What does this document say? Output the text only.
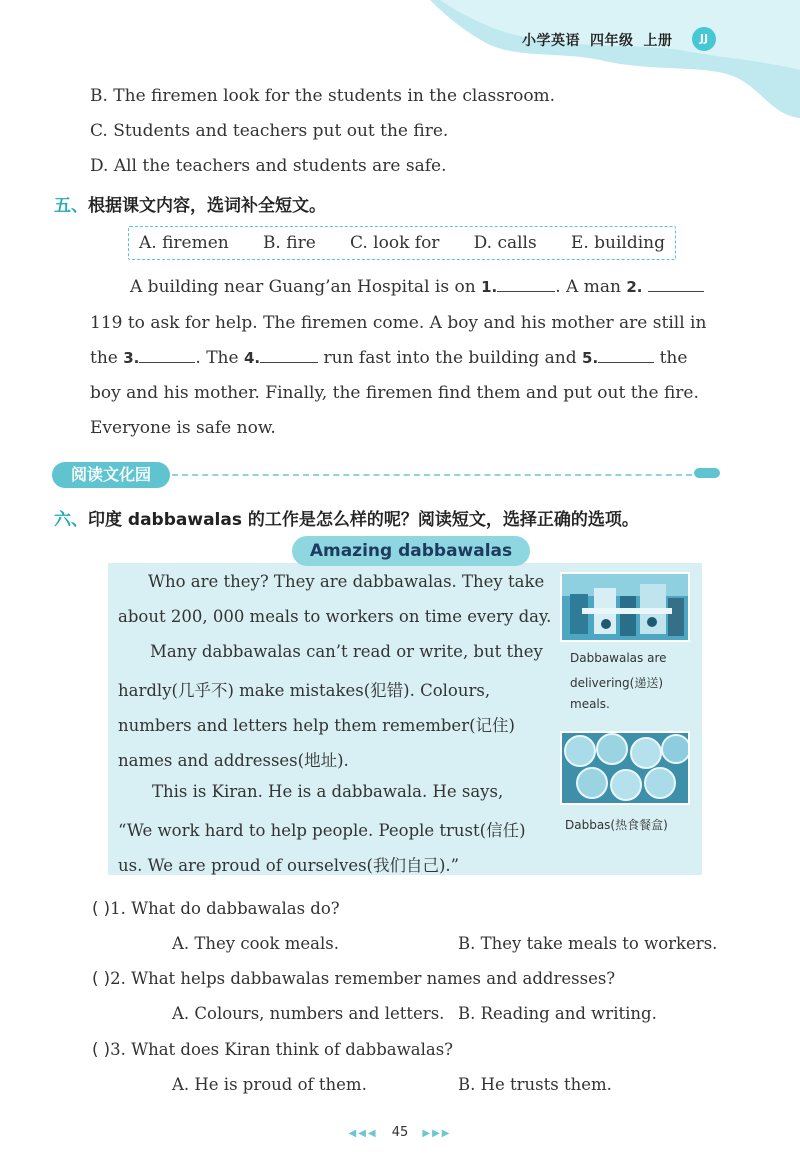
小学英语 四年级 上册	JJ
B. The firemen look for the students in the classroom.
C. Students and teachers put out the fire.
D. All the teachers and students are safe.
五、根据课文内容，选词补全短文。
A. firemen B. fire C. look for D. calls E. building
A building near Guang’an Hospital is on 1.	. A man 2.
119 to ask for help. The firemen come. A boy and his mother are still in
the 3.	. The 4.	run fast into the building and 5.	the
boy and his mother. Finally, the firemen find them and put out the fire.
Everyone is safe now.
阅读文化园
六、印度 dabbawalas 的工作是怎么样的呢？阅读短文，选择正确的选项。
Amazing dabbawalas
Who are they? They are dabbawalas. They take
about 200, 000 meals to workers on time every day.
Many dabbawalas can’t read or write, but they
hardly(几乎不) make mistakes(犯错). Colours,
numbers and letters help them remember(记住)
names and addresses(地址).
This is Kiran. He is a dabbawala. He says,
“We work hard to help people. People trust(信任)
us. We are proud of ourselves(我们自己).”
Dabbawalas are
delivering(递送)
meals.
Dabbas(热食餐盒)
( )1. What do dabbawalas do?
A. They cook meals.	B. They take meals to workers.
( )2. What helps dabbawalas remember names and addresses?
A. Colours, numbers and letters. B. Reading and writing.
( )3. What does Kiran think of dabbawalas?
A. He is proud of them.	B. He trusts them.
◀◀◀ 45 ▶▶▶
